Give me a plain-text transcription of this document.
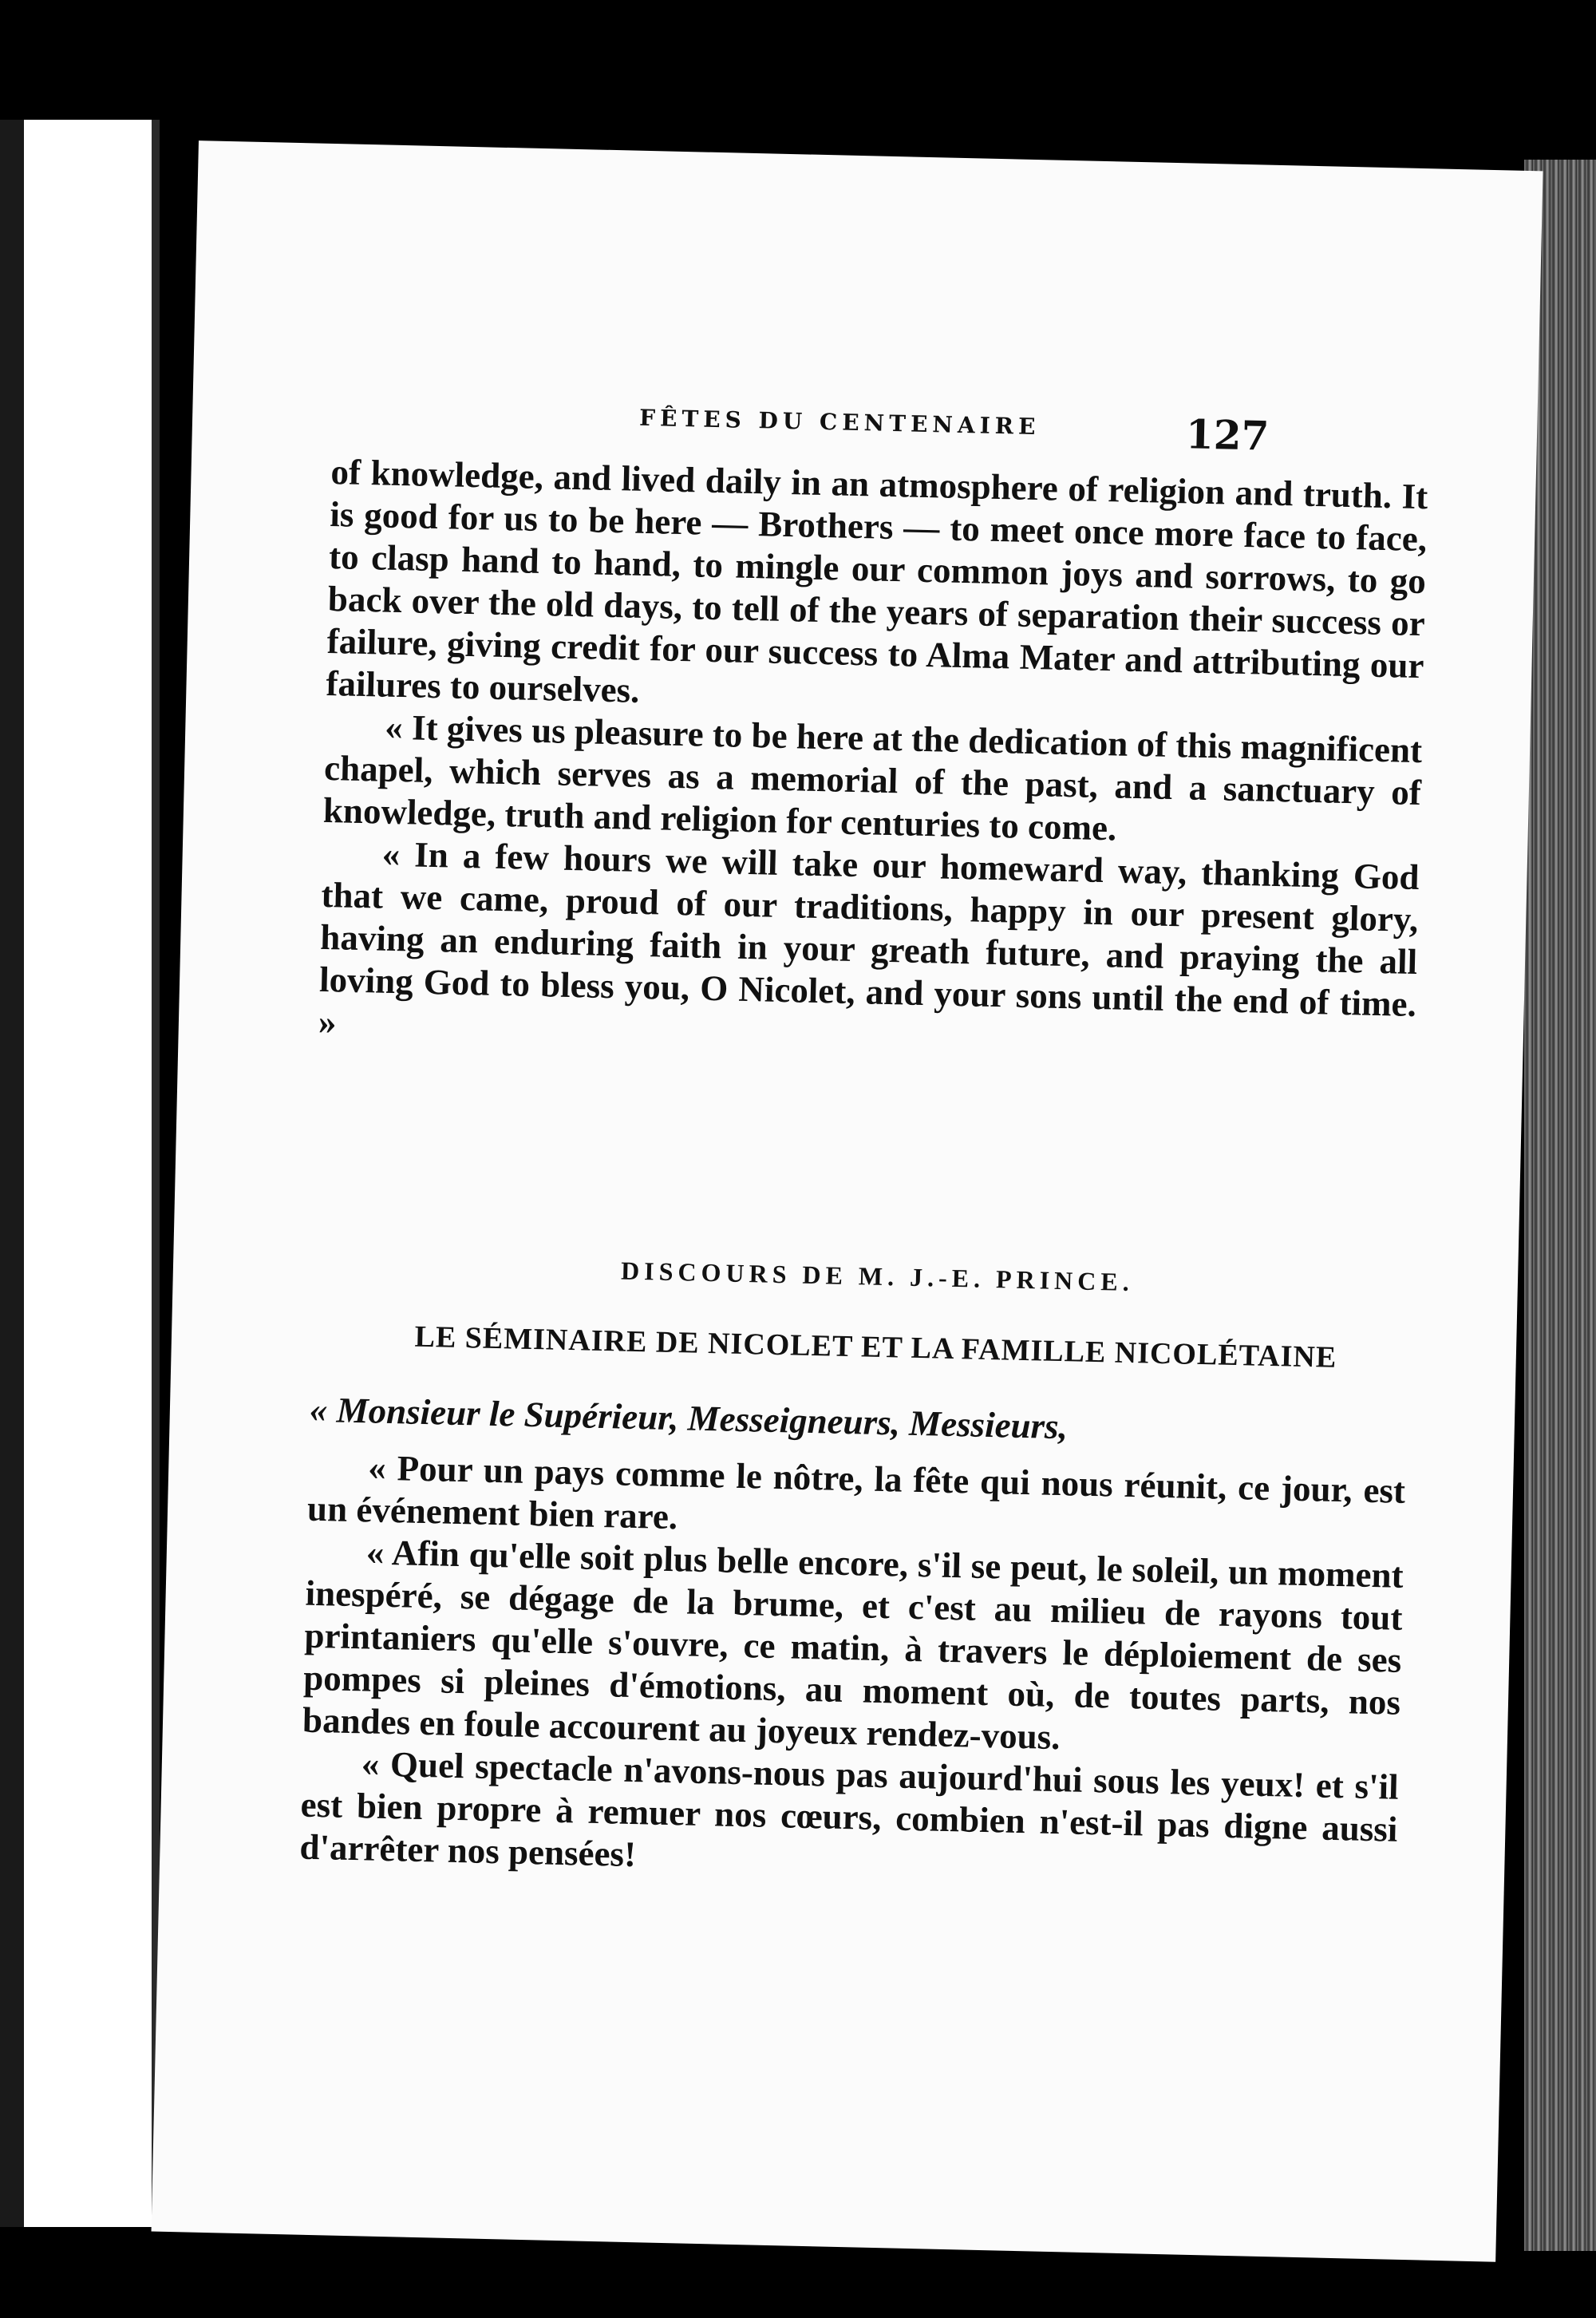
FÊTES DU CENTENAIRE	127

of knowledge, and lived daily in an atmosphere of religion and truth. It is good for us to be here — Brothers — to meet once more face to face, to clasp hand to hand, to mingle our common joys and sorrows, to go back over the old days, to tell of the years of separation their success or failure, giving credit for our success to Alma Mater and attributing our failures to ourselves.

« It gives us pleasure to be here at the dedication of this magnificent chapel, which serves as a memorial of the past, and a sanctuary of knowledge, truth and religion for centuries to come.

« In a few hours we will take our homeward way, thanking God that we came, proud of our traditions, happy in our present glory, having an enduring faith in your greath future, and praying the all loving God to bless you, O Nicolet, and your sons until the end of time. »

DISCOURS DE M. J.-E. PRINCE.
LE SÉMINAIRE DE NICOLET ET LA FAMILLE NICOLÉTAINE

« Monsieur le Supérieur, Messeigneurs, Messieurs,

« Pour un pays comme le nôtre, la fête qui nous réunit, ce jour, est un événement bien rare.

« Afin qu'elle soit plus belle encore, s'il se peut, le soleil, un moment inespéré, se dégage de la brume, et c'est au milieu de rayons tout printaniers qu'elle s'ouvre, ce matin, à travers le déploiement de ses pompes si pleines d'émotions, au moment où, de toutes parts, nos bandes en foule accourent au joyeux rendez-vous.

« Quel spectacle n'avons-nous pas aujourd'hui sous les yeux! et s'il est bien propre à remuer nos cœurs, combien n'est-il pas digne aussi d'arrêter nos pensées!
